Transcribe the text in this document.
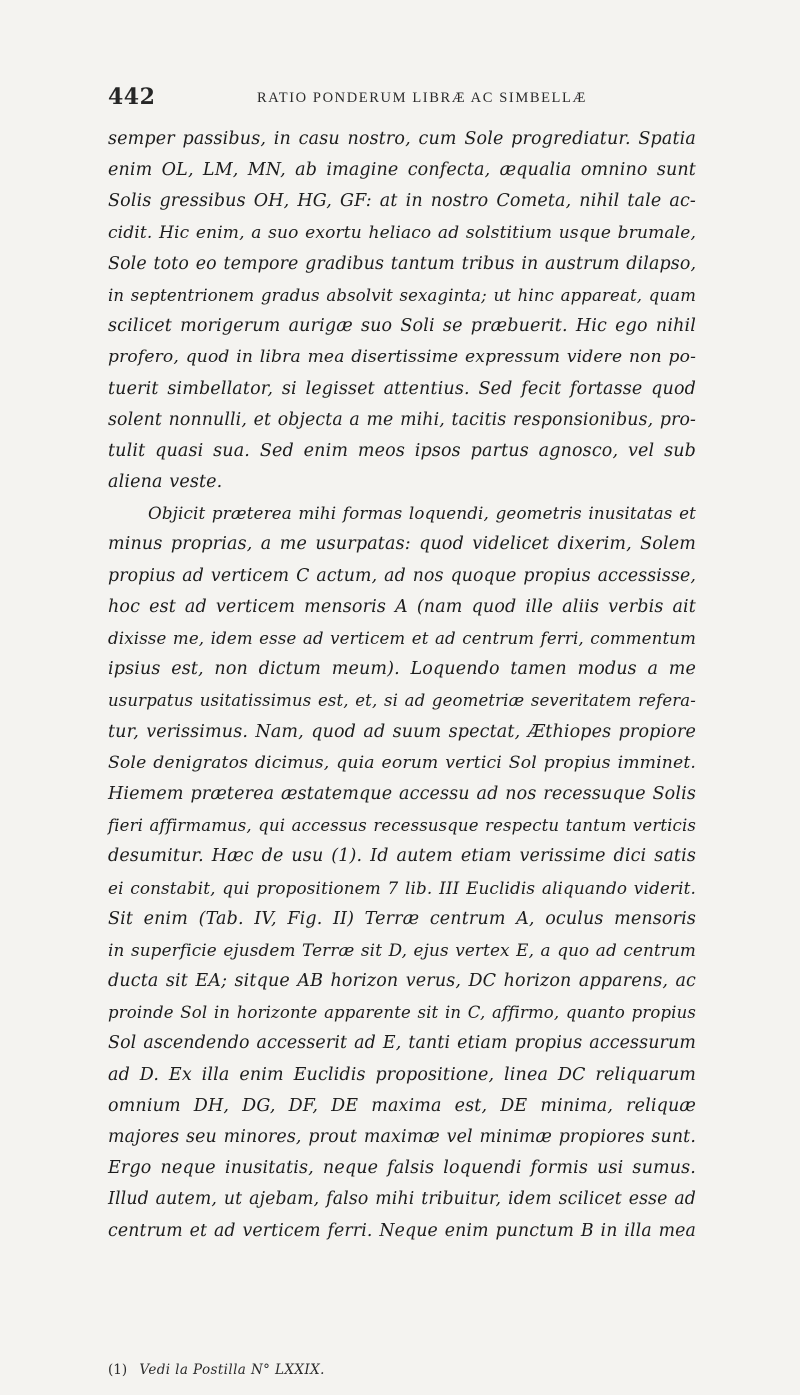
442	RATIO PONDERUM LIBRÆ AC SIMBELLÆ
semper passibus, in casu nostro, cum Sole progrediatur. Spatia
enim OL, LM, MN, ab imagine confecta, æqualia omnino sunt
Solis gressibus OH, HG, GF: at in nostro Cometa, nihil tale ac-
cidit. Hic enim, a suo exortu heliaco ad solstitium usque brumale,
Sole toto eo tempore gradibus tantum tribus in austrum dilapso,
in septentrionem gradus absolvit sexaginta; ut hinc appareat, quam
scilicet morigerum aurigæ suo Soli se præbuerit. Hic ego nihil
profero, quod in libra mea disertissime expressum videre non po-
tuerit simbellator, si legisset attentius. Sed fecit fortasse quod
solent nonnulli, et objecta a me mihi, tacitis responsionibus, pro-
tulit quasi sua. Sed enim meos ipsos partus agnosco, vel sub
aliena veste.
Objicit præterea mihi formas loquendi, geometris inusitatas et
minus proprias, a me usurpatas: quod videlicet dixerim, Solem
propius ad verticem C actum, ad nos quoque propius accessisse,
hoc est ad verticem mensoris A (nam quod ille aliis verbis ait
dixisse me, idem esse ad verticem et ad centrum ferri, commentum
ipsius est, non dictum meum). Loquendo tamen modus a me
usurpatus usitatissimus est, et, si ad geometriæ severitatem refera-
tur, verissimus. Nam, quod ad suum spectat, Æthiopes propiore
Sole denigratos dicimus, quia eorum vertici Sol propius imminet.
Hiemem præterea æstatemque accessu ad nos recessuque Solis
fieri affirmamus, qui accessus recessusque respectu tantum verticis
desumitur. Hæc de usu (1). Id autem etiam verissime dici satis
ei constabit, qui propositionem 7 lib. III Euclidis aliquando viderit.
Sit enim (Tab. IV, Fig. II) Terræ centrum A, oculus mensoris
in superficie ejusdem Terræ sit D, ejus vertex E, a quo ad centrum
ducta sit EA; sitque AB horizon verus, DC horizon apparens, ac
proinde Sol in horizonte apparente sit in C, affirmo, quanto propius
Sol ascendendo accesserit ad E, tanti etiam propius accessurum
ad D. Ex illa enim Euclidis propositione, linea DC reliquarum
omnium DH, DG, DF, DE maxima est, DE minima, reliquæ
majores seu minores, prout maximæ vel minimæ propiores sunt.
Ergo neque inusitatis, neque falsis loquendi formis usi sumus.
Illud autem, ut ajebam, falso mihi tribuitur, idem scilicet esse ad
centrum et ad verticem ferri. Neque enim punctum B in illa mea
(1) Vedi la Postilla N° LXXIX.
